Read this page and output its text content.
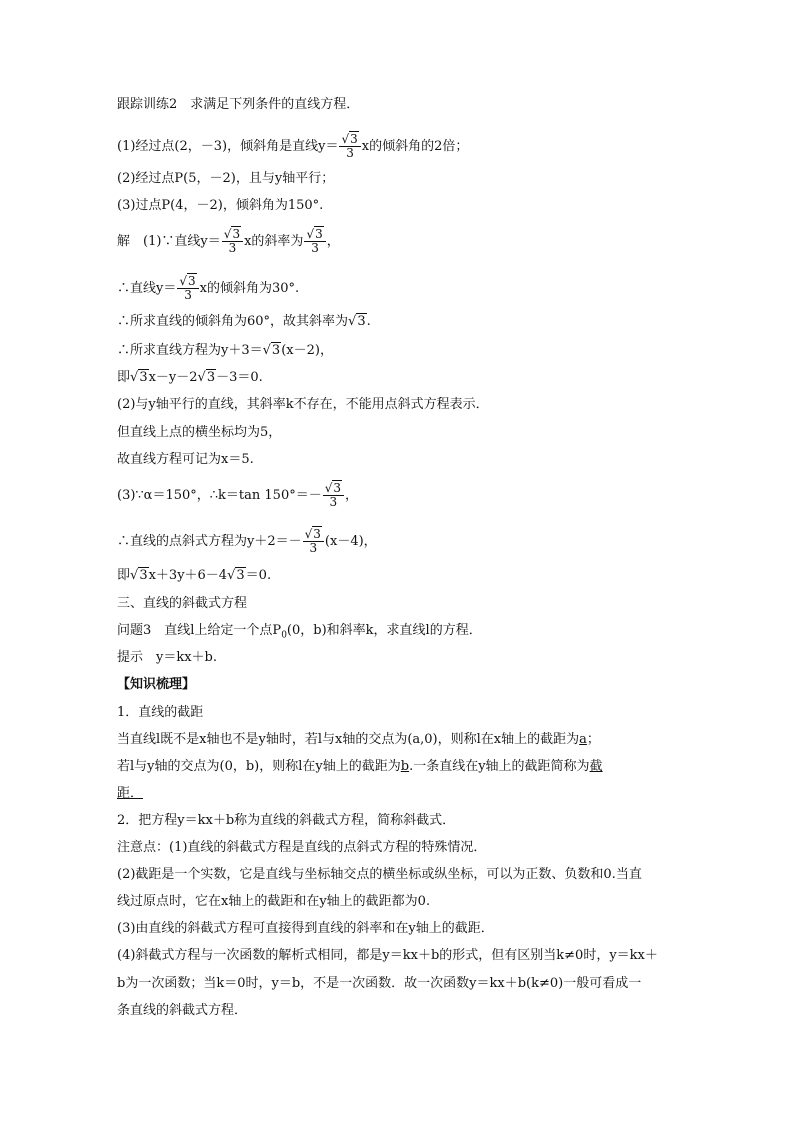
跟踪训练2　求满足下列条件的直线方程．
(1)经过点(2，－3)，倾斜角是直线$y= \frac{√3}{3}$ x的倾斜角的2倍；
(2)经过点P(5，－2)，且与y轴平行；
(3)过点P(4，－2)，倾斜角为150°.
解　(1)∵直线$y= \frac{√3}{3}$ x的斜率为 $\frac{√3}{3}$ ，
∴直线$y= \frac{√3}{3}$ x的倾斜角为30°.
∴所求直线的倾斜角为60°，故其斜率为√3.
∴所求直线方程为y＋3＝√3(x－2)，
即√3x－y－2√3－3＝0.
(2)与y轴平行的直线，其斜率k不存在，不能用点斜式方程表示．
但直线上点的横坐标均为5，
故直线方程可记为x＝5.
(3)∵α＝150°，∴k＝tan $150^\circ=- \frac{√3}{3}$ ，
∴直线的点斜式方程为$y+2=- \frac{√3}{3} (x-4)$，
即√3x＋3y＋6－4√3＝0.
三、直线的斜截式方程
问题3　直线l上给定一个点$P_0(0$，b)和斜率k，求直线l的方程．
提示　y＝kx＋b.
【知识梳理】
1．直线的截距
当直线l既不是x轴也不是y轴时，若l与x轴的交点为(a,0)，则称l在x轴上的截距为a；
若l与y轴的交点为(0，b)，则称l在y轴上的截距为b.一条直线在y轴上的截距简称为截
距．
2．把方程y＝kx＋b称为直线的斜截式方程，简称斜截式．
注意点：(1)直线的斜截式方程是直线的点斜式方程的特殊情况．
(2)截距是一个实数，它是直线与坐标轴交点的横坐标或纵坐标，可以为正数、负数和0.当直
线过原点时，它在x轴上的截距和在y轴上的截距都为0.
(3)由直线的斜截式方程可直接得到直线的斜率和在y轴上的截距．
(4)斜截式方程与一次函数的解析式相同，都是y＝kx＋b的形式，但有区别当k≠0时，y＝kx＋
b为一次函数；当k＝0时，y＝b，不是一次函数．故一次函数y＝kx＋b(k≠0)一般可看成一
条直线的斜截式方程．
